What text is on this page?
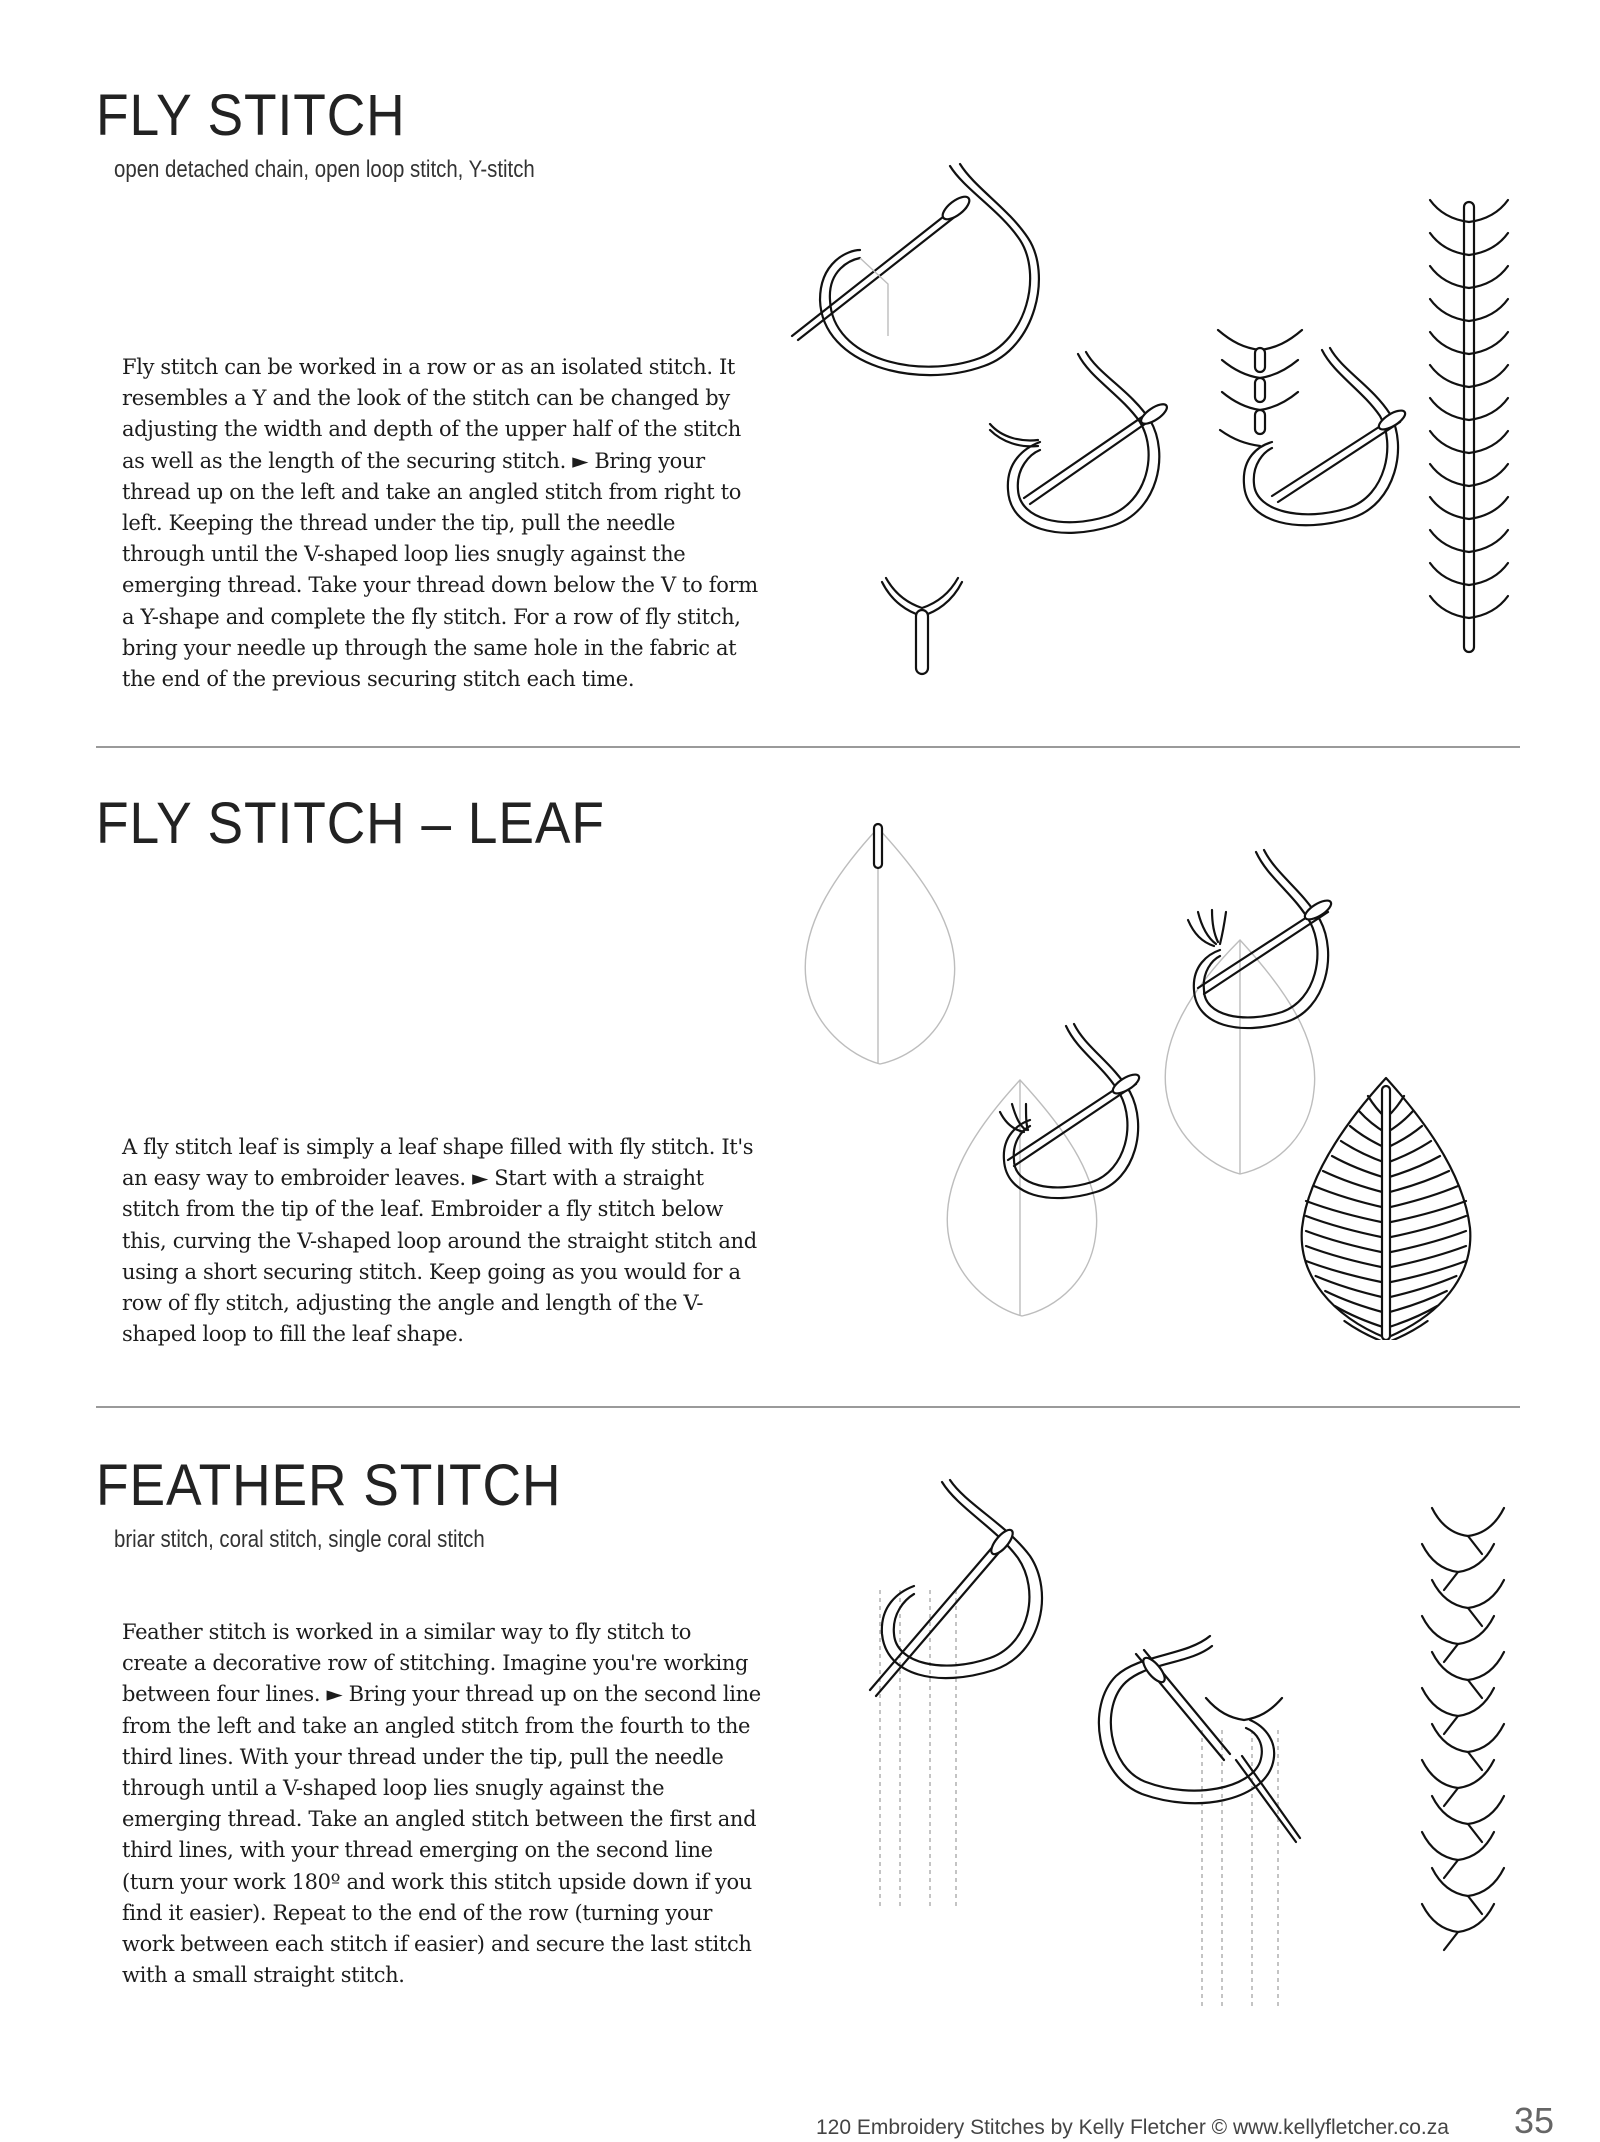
FLY STITCH

open detached chain, open loop stitch, Y-stitch

Fly stitch can be worked in a row or as an isolated stitch. It resembles a Y and the look of the stitch can be changed by adjusting the width and depth of the upper half of the stitch as well as the length of the securing stitch. ► Bring your thread up on the left and take an angled stitch from right to left. Keeping the thread under the tip, pull the needle through until the V-shaped loop lies snugly against the emerging thread. Take your thread down below the V to form a Y-shape and complete the fly stitch. For a row of fly stitch, bring your needle up through the same hole in the fabric at the end of the previous securing stitch each time.

FLY STITCH – LEAF

A fly stitch leaf is simply a leaf shape filled with fly stitch. It's an easy way to embroider leaves. ► Start with a straight stitch from the tip of the leaf. Embroider a fly stitch below this, curving the V-shaped loop around the straight stitch and using a short securing stitch. Keep going as you would for a row of fly stitch, adjusting the angle and length of the V-shaped loop to fill the leaf shape.

FEATHER STITCH

briar stitch, coral stitch, single coral stitch

Feather stitch is worked in a similar way to fly stitch to create a decorative row of stitching. Imagine you're working between four lines. ► Bring your thread up on the second line from the left and take an angled stitch from the fourth to the third lines. With your thread under the tip, pull the needle through until a V-shaped loop lies snugly against the emerging thread. Take an angled stitch between the first and third lines, with your thread emerging on the second line (turn your work 180º and work this stitch upside down if you find it easier). Repeat to the end of the row (turning your work between each stitch if easier) and secure the last stitch with a small straight stitch.

120 Embroidery Stitches by Kelly Fletcher © www.kellyfletcher.co.za 35
